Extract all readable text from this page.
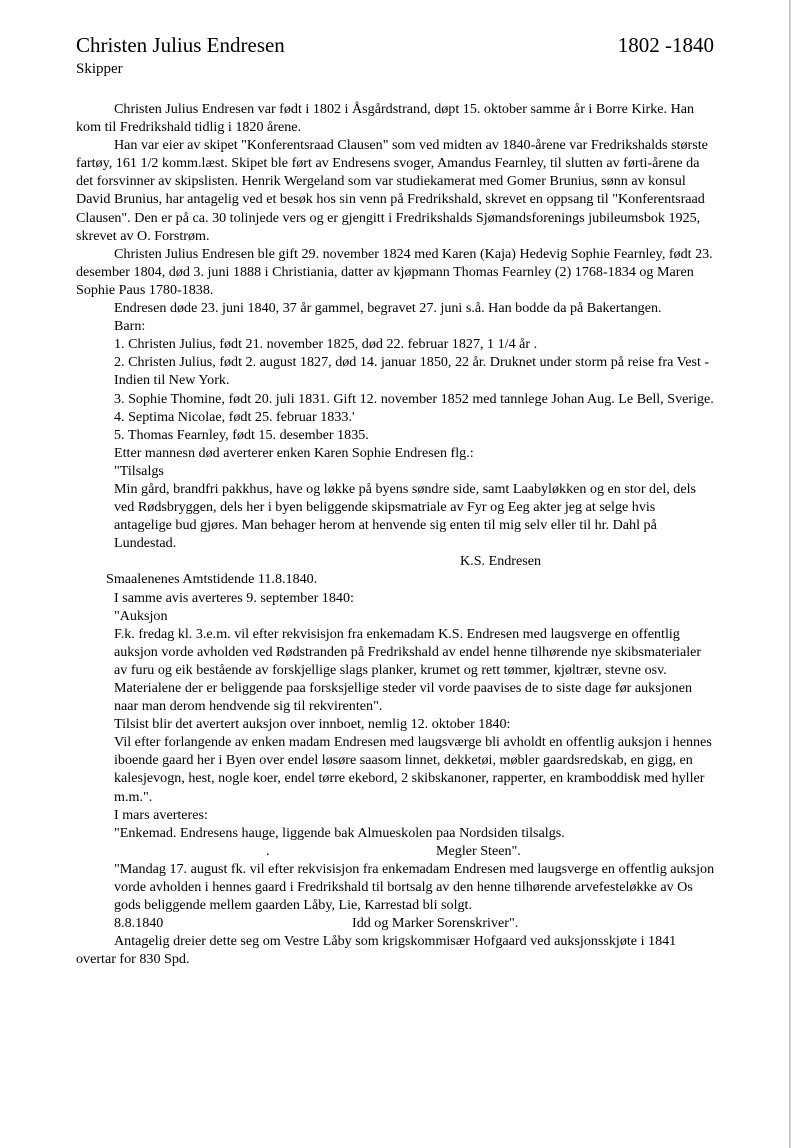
Christen Julius Endresen	1802 -1840
Skipper

Christen Julius Endresen var født i 1802 i Åsgårdstrand, døpt 15. oktober samme år i Borre Kirke. Han kom til Fredrikshald tidlig i 1820 årene.

Han var eier av skipet "Konferentsraad Clausen" som ved midten av 1840-årene var Fredrikshalds største fartøy, 161 1/2 komm.læst. Skipet ble ført av Endresens svoger, Amandus Fearnley, til slutten av førti-årene da det forsvinner av skipslisten. Henrik Wergeland som var studiekamerat med Gomer Brunius, sønn av konsul David Brunius, har antagelig ved et besøk hos sin venn på Fredrikshald, skrevet en oppsang til "Konferentsraad Clausen". Den er på ca. 30 tolinjede vers og er gjengitt i Fredrikshalds Sjømandsforenings jubileumsbok 1925, skrevet av O. Forstrøm.

Christen Julius Endresen ble gift 29. november 1824 med Karen (Kaja) Hedevig Sophie Fearnley, født 23. desember 1804, død 3. juni 1888 i Christiania, datter av kjøpmann Thomas Fearnley (2) 1768-1834 og Maren Sophie Paus 1780-1838.

Endresen døde 23. juni 1840, 37 år gammel, begravet 27. juni s.å. Han bodde da på Bakertangen.

Barn:

1. Christen Julius, født 21. november 1825, død 22. februar 1827, 1 1/4 år .

2. Christen Julius, født 2. august 1827, død 14. januar 1850, 22 år. Druknet under storm på reise fra Vest - Indien til New York.

3. Sophie Thomine, født 20. juli 1831. Gift 12. november 1852 med tannlege Johan Aug. Le Bell, Sverige.

4. Septima Nicolae, født 25. februar 1833.'

5. Thomas Fearnley, født 15. desember 1835.

Etter mannesn død averterer enken Karen Sophie Endresen flg.:

"Tilsalgs

Min gård, brandfri pakkhus, have og løkke på byens søndre side, samt Laabyløkken og en stor del, dels ved Rødsbryggen, dels her i byen beliggende skipsmatriale av Fyr og Eeg akter jeg at selge hvis antagelige bud gjøres. Man behager herom at henvende sig enten til mig selv eller til hr. Dahl på Lundestad.

K.S. Endresen

Smaalenenes Amtstidende 11.8.1840.

I samme avis averteres 9. september 1840:

"Auksjon

F.k. fredag kl. 3.e.m. vil efter rekvisisjon fra enkemadam K.S. Endresen med laugsverge en offentlig auksjon vorde avholden ved Rødstranden på Fredrikshald av endel henne tilhørende nye skibsmaterialer av furu og eik bestående av forskjellige slags planker, krumet og rett tømmer, kjøltrær, stevne osv. Materialene der er beliggende paa forsksjellige steder vil vorde paavises de to siste dage før auksjonen naar man derom hendvende sig til rekvirenten".

Tilsist blir det avertert auksjon over innboet, nemlig 12. oktober 1840:

Vil efter forlangende av enken madam Endresen med laugsværge bli avholdt en offentlig auksjon i hennes iboende gaard her i Byen over endel løsøre saasom linnet, dekketøi, møbler gaardsredskab, en gigg, en kalesjevogn, hest, nogle koer, endel tørre ekebord, 2 skibskanoner, rapperter, en kramboddisk med hyller m.m.".

I mars averteres:

"Enkemad. Endresens hauge, liggende bak Almueskolen paa Nordsiden tilsalgs.

.	Megler Steen".

"Mandag 17. august fk. vil efter rekvisisjon fra enkemadam Endresen med laugsverge en offentlig auksjon vorde avholden i hennes gaard i Fredrikshald til bortsalg av den henne tilhørende arvefesteløkke av Os gods beliggende mellem gaarden Låby, Lie, Karrestad bli solgt.

8.8.1840	Idd og Marker Sorenskriver".

Antagelig dreier dette seg om Vestre Låby som krigskommisær Hofgaard ved auksjonsskjøte i 1841 overtar for 830 Spd.
